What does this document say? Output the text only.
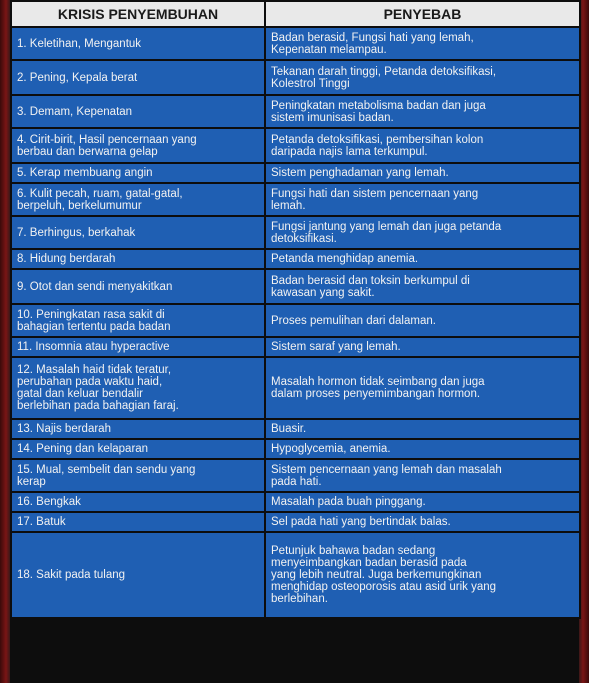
KRISIS PENYEMBUHAN	PENYEBAB

1. Keletihan, Mengantuk	Badan berasid, Fungsi hati yang lemah,
Kepenatan melampau.

2. Pening, Kepala berat	Tekanan darah tinggi, Petanda detoksifikasi,
Kolestrol Tinggi

3. Demam, Kepenatan	Peningkatan metabolisma badan dan juga
sistem imunisasi badan.

4. Cirit-birit, Hasil pencernaan yang
berbau dan berwarna gelap	Petanda detoksifikasi, pembersihan kolon
daripada najis lama terkumpul.

5. Kerap membuang angin	Sistem penghadaman yang lemah.

6. Kulit pecah, ruam, gatal-gatal,
berpeluh, berkelumumur	Fungsi hati dan sistem pencernaan yang
lemah.

7. Berhingus, berkahak	Fungsi jantung yang lemah dan juga petanda
detoksifikasi.

8. Hidung berdarah	Petanda menghidap anemia.

9. Otot dan sendi menyakitkan	Badan berasid dan toksin berkumpul di
kawasan yang sakit.

10. Peningkatan rasa sakit di
bahagian tertentu pada badan	Proses pemulihan dari dalaman.

11. Insomnia atau hyperactive	Sistem saraf yang lemah.

12. Masalah haid tidak teratur,
perubahan pada waktu haid,
gatal dan keluar bendalir
berlebihan pada bahagian faraj.	Masalah hormon tidak seimbang dan juga
dalam proses penyemimbangan hormon.

13. Najis berdarah	Buasir.

14. Pening dan kelaparan	Hypoglycemia, anemia.

15. Mual, sembelit dan sendu yang
kerap	Sistem pencernaan yang lemah dan masalah
pada hati.

16. Bengkak	Masalah pada buah pinggang.

17. Batuk	Sel pada hati yang bertindak balas.

18. Sakit pada tulang	Petunjuk bahawa badan sedang
menyeimbangkan badan berasid pada
yang lebih neutral. Juga berkemungkinan
menghidap osteoporosis atau asid urik yang
berlebihan.
